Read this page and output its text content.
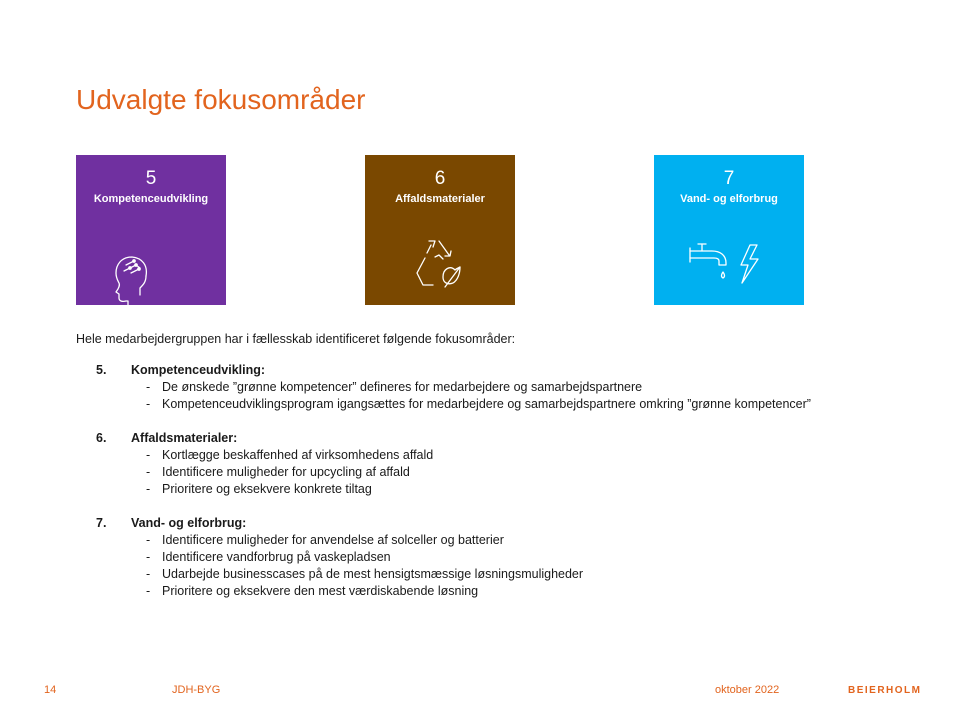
Udvalgte fokusområder
5
Kompetenceudvikling
6
Affaldsmaterialer
7
Vand- og elforbrug
Hele medarbejdergruppen har i fællesskab identificeret følgende fokusområder:
5.	Kompetenceudvikling:
- De ønskede ”grønne kompetencer” defineres for medarbejdere og samarbejdspartnere
- Kompetenceudviklingsprogram igangsættes for medarbejdere og samarbejdspartnere omkring ”grønne kompetencer”
6.	Affaldsmaterialer:
- Kortlægge beskaffenhed af virksomhedens affald
- Identificere muligheder for upcycling af affald
- Prioritere og eksekvere konkrete tiltag
7.	Vand- og elforbrug:
- Identificere muligheder for anvendelse af solceller og batterier
- Identificere vandforbrug på vaskepladsen
- Udarbejde businesscases på de mest hensigtsmæssige løsningsmuligheder
- Prioritere og eksekvere den mest værdiskabende løsning
14	JDH-BYG	oktober 2022	BEIERHOLM
